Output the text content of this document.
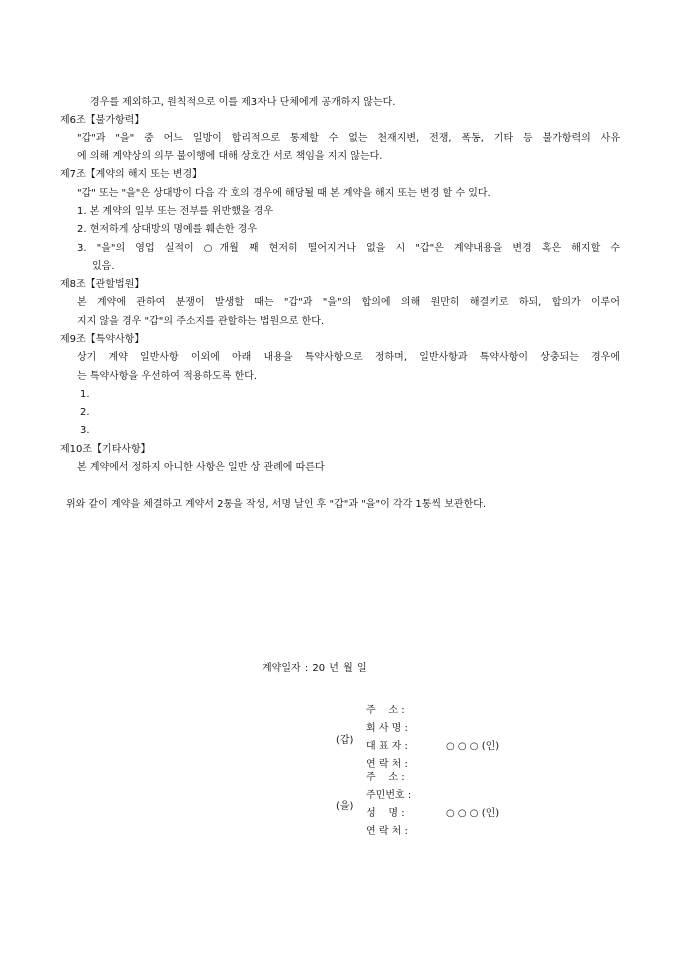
경우를 제외하고, 원칙적으로 이를 제3자나 단체에게 공개하지 않는다.
제6조【불가항력】
"갑"과 "을" 중 어느 일방이 합리적으로 통제할 수 없는 천재지변, 전쟁, 폭동, 기타 등 불가항력의 사유
에 의해 계약상의 의무 불이행에 대해 상호간 서로 책임을 지지 않는다.
제7조【계약의 해지 또는 변경】
"갑" 또는 "을"은 상대방이 다음 각 호의 경우에 해당될 때 본 계약을 해지 또는 변경 할 수 있다.
1. 본 계약의 일부 또는 전부를 위반했을 경우
2. 현저하게 상대방의 명예를 훼손한 경우
3. "을"의 영업 실적이 ○개월 째 현저히 떨어지거나 없을 시 "갑"은 계약내용을 변경 혹은 해지할 수
있음.
제8조【관할법원】
본 계약에 관하여 분쟁이 발생할 때는 "갑"과 "을"의 합의에 의해 원만히 해결키로 하되, 합의가 이루어
지지 않을 경우 "갑"의 주소지를 관할하는 법원으로 한다.
제9조【특약사항】
상기 계약 일반사항 이외에 아래 내용을 특약사항으로 정하며, 일반사항과 특약사항이 상충되는 경우에
는 특약사항을 우선하여 적용하도록 한다.
1.
2.
3.
제10조【기타사항】
본 계약에서 정하지 아니한 사항은 일반 상 관례에 따른다
위와 같이 계약을 체결하고 계약서 2통을 작성, 서명 날인 후 "갑"과 "을"이 각각 1통씩 보관한다.
계약일자 : 20 년 월 일
(갑)
주    소 :
회 사 명 :
대 표 자 :	○ ○ ○ (인)
연 락 처 :
(을)
주    소 :
주민번호 :
성    명 :	○ ○ ○ (인)
연 락 처 :
